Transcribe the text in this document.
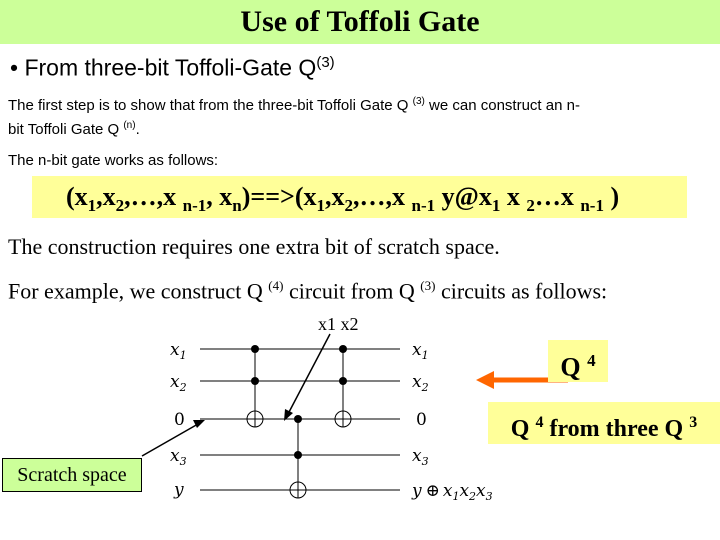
Use of Toffoli Gate
• From three-bit Toffoli-Gate $Q^{(3)}$
The first step is to show that from the three-bit Toffoli Gate Q $^{(3)}$ we can construct an n-
bit Toffoli Gate Q $^{(n)}$.
The n-bit gate works as follows:
($x_1,x_2,\dots,x$ $_{n-1}$, $x_n)==>(x_1,x_2,\dots,x$ $_{n-1}$ $y@x_1$ x $_2$…x $_{n-1}$ )
The construction requires one extra bit of scratch space.
For example, we construct Q $^{(4)}$ circuit from Q $^{(3)}$ circuits as follows:
x1 x2
$x_1$
$x_2$
0
$x_3$
y
$x_1$
$x_2$
0
$x_3$
y ⊕ $x_1x_2x_3$
Q $^4$
Q $^4$ from three Q $^3$
Scratch space
